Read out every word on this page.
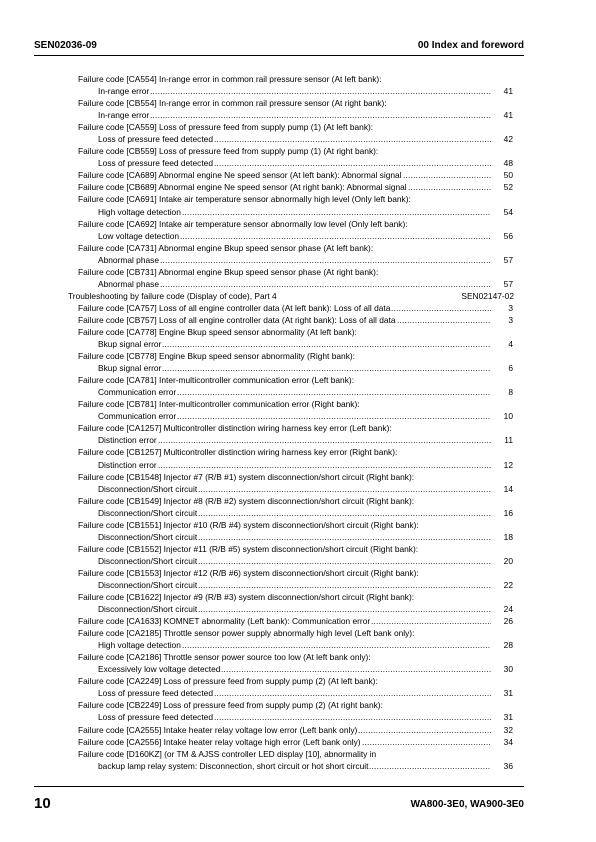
SEN02036-09	00 Index and foreword
Failure code [CA554] In-range error in common rail pressure sensor (At left bank):
In-range error .....	41
Failure code [CB554] In-range error in common rail pressure sensor (At right bank):
In-range error .....	41
Failure code [CA559] Loss of pressure feed from supply pump (1) (At left bank):
Loss of pressure feed detected .....	42
Failure code [CB559] Loss of pressure feed from supply pump (1) (At right bank):
Loss of pressure feed detected .....	48
Failure code [CA689] Abnormal engine Ne speed sensor (At left bank): Abnormal signal .....	50
Failure code [CB689] Abnormal engine Ne speed sensor (At right bank): Abnormal signal .....	52
Failure code [CA691] Intake air temperature sensor abnormally high level (Only left bank):
High voltage detection .....	54
Failure code [CA692] Intake air temperature sensor abnormally low level (Only left bank):
Low voltage detection .....	56
Failure code [CA731] Abnormal engine Bkup speed sensor phase (At left bank):
Abnormal phase .....	57
Failure code [CB731] Abnormal engine Bkup speed sensor phase (At right bank):
Abnormal phase .....	57
Troubleshooting by failure code (Display of code), Part 4	SEN02147-02
Failure code [CA757] Loss of all engine controller data (At left bank): Loss of all data .....	3
Failure code [CB757] Loss of all engine controller data (At right bank): Loss of all data .....	3
Failure code [CA778] Engine Bkup speed sensor abnormality (At left bank):
Bkup signal error .....	4
Failure code [CB778] Engine Bkup speed sensor abnormality (Right bank):
Bkup signal error .....	6
Failure code [CA781] Inter-multicontroller communication error (Left bank):
Communication error .....	8
Failure code [CB781] Inter-multicontroller communication error (Right bank):
Communication error .....	10
Failure code [CA1257] Multicontroller distinction wiring harness key error (Left bank):
Distinction error .....	11
Failure code [CB1257] Multicontroller distinction wiring harness key error (Right bank):
Distinction error .....	12
Failure code [CB1548] Injector #7 (R/B #1) system disconnection/short circuit (Right bank):
Disconnection/Short circuit .....	14
Failure code [CB1549] Injector #8 (R/B #2) system disconnection/short circuit (Right bank):
Disconnection/Short circuit .....	16
Failure code [CB1551] Injector #10 (R/B #4) system disconnection/short circuit (Right bank):
Disconnection/Short circuit .....	18
Failure code [CB1552] Injector #11 (R/B #5) system disconnection/short circuit (Right bank):
Disconnection/Short circuit .....	20
Failure code [CB1553] Injector #12 (R/B #6) system disconnection/short circuit (Right bank):
Disconnection/Short circuit .....	22
Failure code [CB1622] Injector #9 (R/B #3) system disconnection/short circuit (Right bank):
Disconnection/Short circuit .....	24
Failure code [CA1633] KOMNET abnormality (Left bank): Communication error .....	26
Failure code [CA2185] Throttle sensor power supply abnormally high level (Left bank only):
High voltage detection .....	28
Failure code [CA2186] Throttle sensor power source too low (At left bank only):
Excessively low voltage detected .....	30
Failure code [CA2249] Loss of pressure feed from supply pump (2) (At left bank):
Loss of pressure feed detected .....	31
Failure code [CB2249] Loss of pressure feed from supply pump (2) (At right bank):
Loss of pressure feed detected .....	31
Failure code [CA2555] Intake heater relay voltage low error (Left bank only) .....	32
Failure code [CA2556] Intake heater relay voltage high error (Left bank only) .....	34
Failure code [D160KZ] (or TM & AJSS controller LED display [10], abnormality in
backup lamp relay system: Disconnection, short circuit or hot short circuit .....	36
10	WA800-3E0, WA900-3E0
